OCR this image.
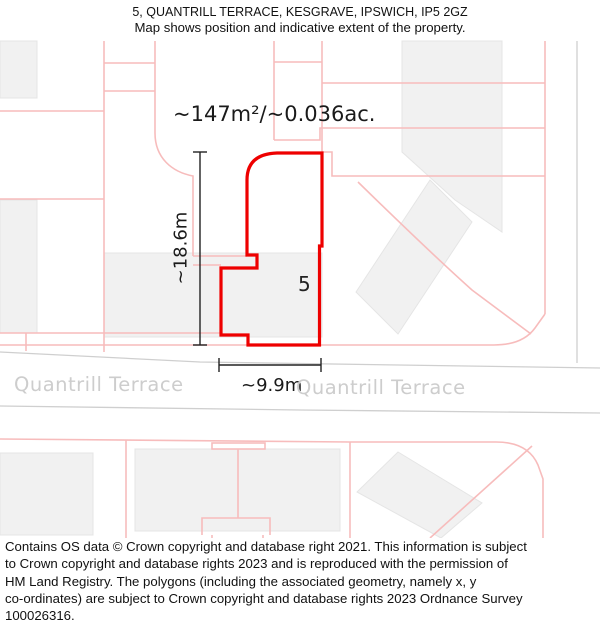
5, QUANTRILL TERRACE, KESGRAVE, IPSWICH, IP5 2GZ
Map shows position and indicative extent of the property.
~147m²/~0.036ac.
5
~18.6m
~9.9m
Quantrill Terrace	Quantrill Terrace
Contains OS data © Crown copyright and database right 2021. This information is subject
to Crown copyright and database rights 2023 and is reproduced with the permission of
HM Land Registry. The polygons (including the associated geometry, namely x, y
co-ordinates) are subject to Crown copyright and database rights 2023 Ordnance Survey
100026316.
